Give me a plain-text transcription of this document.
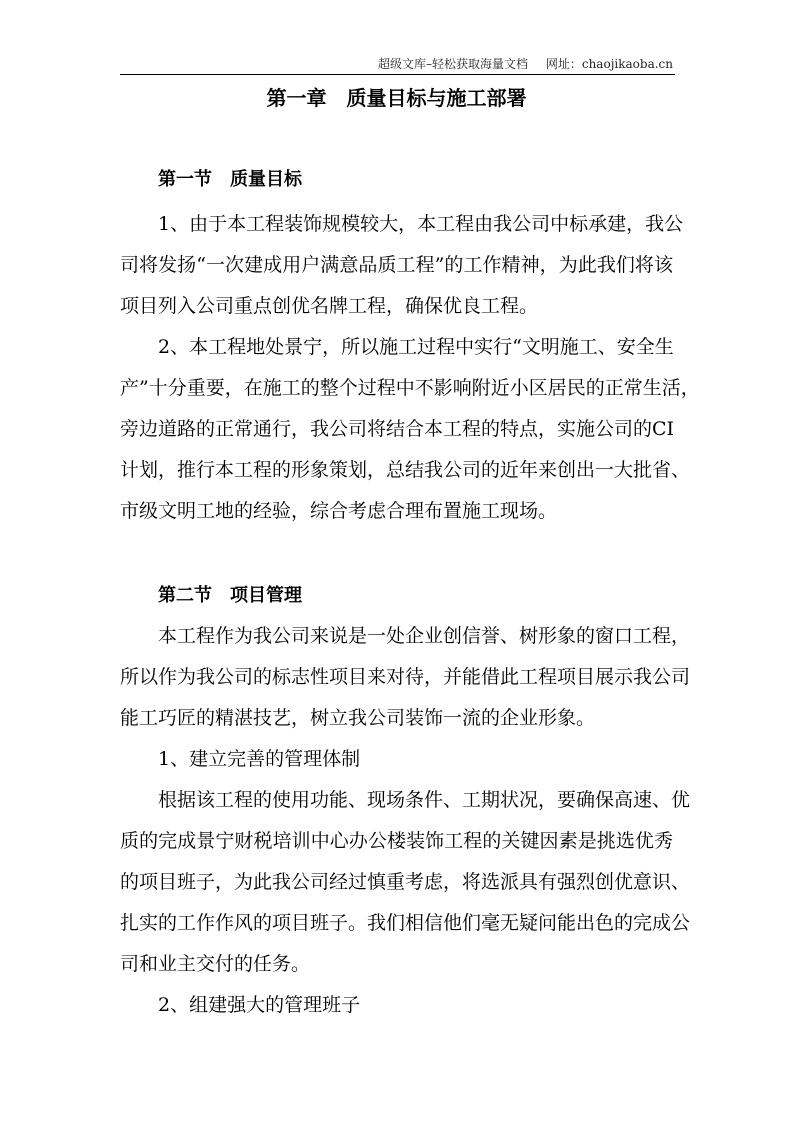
超级文库–轻松获取海量文档 网址：chaojikaoba.cn
第一章　质量目标与施工部署
第一节　质量目标
1、由于本工程装饰规模较大，本工程由我公司中标承建，我公
司将发扬“一次建成用户满意品质工程”的工作精神，为此我们将该
项目列入公司重点创优名牌工程，确保优良工程。
2、本工程地处景宁，所以施工过程中实行“文明施工、安全生
产”十分重要，在施工的整个过程中不影响附近小区居民的正常生活，
旁边道路的正常通行，我公司将结合本工程的特点，实施公司的CI
计划，推行本工程的形象策划，总结我公司的近年来创出一大批省、
市级文明工地的经验，综合考虑合理布置施工现场。
第二节　项目管理
本工程作为我公司来说是一处企业创信誉、树形象的窗口工程，
所以作为我公司的标志性项目来对待，并能借此工程项目展示我公司
能工巧匠的精湛技艺，树立我公司装饰一流的企业形象。
1、建立完善的管理体制
根据该工程的使用功能、现场条件、工期状况，要确保高速、优
质的完成景宁财税培训中心办公楼装饰工程的关键因素是挑选优秀
的项目班子，为此我公司经过慎重考虑，将选派具有强烈创优意识、
扎实的工作作风的项目班子。我们相信他们毫无疑问能出色的完成公
司和业主交付的任务。
2、组建强大的管理班子
